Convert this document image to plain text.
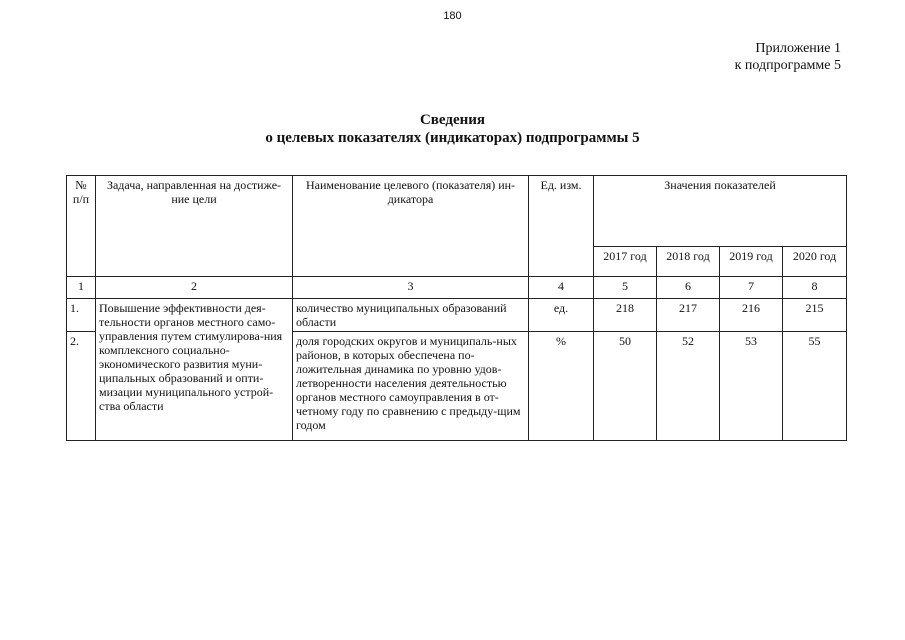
180
Приложение 1
к подпрограмме 5
Сведения
о целевых показателях (индикаторах) подпрограммы 5
№ п/п	Задача, направленная на достиже-ние цели	Наименование целевого (показателя) ин-дикатора	Ед. изм.	Значения показателей			
				2017 год	2018 год	2019 год	2020 год
1	2	3	4	5	6	7	8
1.	Повышение эффективности дея-тельности органов местного само-управления путем стимулирова-ния комплексного социально-экономического развития муни-ципальных образований и опти-мизации муниципального устрой-ства области	количество муниципальных образований области	ед.	218	217	216	215
2.		доля городских округов и муниципаль-ных районов, в которых обеспечена по-ложительная динамика по уровню удов-летворенности населения деятельностью органов местного самоуправления в от-четному году по сравнению с предыду-щим годом	%	50	52	53	55
